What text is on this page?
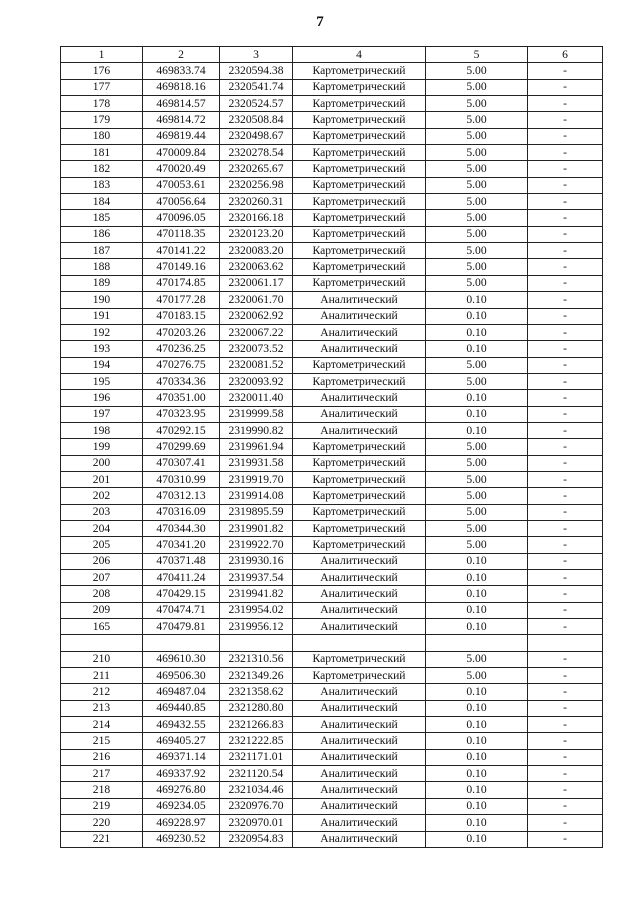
7
1	2	3	4	5	6
176	469833.74	2320594.38	Картометрический	5.00	-
177	469818.16	2320541.74	Картометрический	5.00	-
178	469814.57	2320524.57	Картометрический	5.00	-
179	469814.72	2320508.84	Картометрический	5.00	-
180	469819.44	2320498.67	Картометрический	5.00	-
181	470009.84	2320278.54	Картометрический	5.00	-
182	470020.49	2320265.67	Картометрический	5.00	-
183	470053.61	2320256.98	Картометрический	5.00	-
184	470056.64	2320260.31	Картометрический	5.00	-
185	470096.05	2320166.18	Картометрический	5.00	-
186	470118.35	2320123.20	Картометрический	5.00	-
187	470141.22	2320083.20	Картометрический	5.00	-
188	470149.16	2320063.62	Картометрический	5.00	-
189	470174.85	2320061.17	Картометрический	5.00	-
190	470177.28	2320061.70	Аналитический	0.10	-
191	470183.15	2320062.92	Аналитический	0.10	-
192	470203.26	2320067.22	Аналитический	0.10	-
193	470236.25	2320073.52	Аналитический	0.10	-
194	470276.75	2320081.52	Картометрический	5.00	-
195	470334.36	2320093.92	Картометрический	5.00	-
196	470351.00	2320011.40	Аналитический	0.10	-
197	470323.95	2319999.58	Аналитический	0.10	-
198	470292.15	2319990.82	Аналитический	0.10	-
199	470299.69	2319961.94	Картометрический	5.00	-
200	470307.41	2319931.58	Картометрический	5.00	-
201	470310.99	2319919.70	Картометрический	5.00	-
202	470312.13	2319914.08	Картометрический	5.00	-
203	470316.09	2319895.59	Картометрический	5.00	-
204	470344.30	2319901.82	Картометрический	5.00	-
205	470341.20	2319922.70	Картометрический	5.00	-
206	470371.48	2319930.16	Аналитический	0.10	-
207	470411.24	2319937.54	Аналитический	0.10	-
208	470429.15	2319941.82	Аналитический	0.10	-
209	470474.71	2319954.02	Аналитический	0.10	-
165	470479.81	2319956.12	Аналитический	0.10	-

210	469610.30	2321310.56	Картометрический	5.00	-
211	469506.30	2321349.26	Картометрический	5.00	-
212	469487.04	2321358.62	Аналитический	0.10	-
213	469440.85	2321280.80	Аналитический	0.10	-
214	469432.55	2321266.83	Аналитический	0.10	-
215	469405.27	2321222.85	Аналитический	0.10	-
216	469371.14	2321171.01	Аналитический	0.10	-
217	469337.92	2321120.54	Аналитический	0.10	-
218	469276.80	2321034.46	Аналитический	0.10	-
219	469234.05	2320976.70	Аналитический	0.10	-
220	469228.97	2320970.01	Аналитический	0.10	-
221	469230.52	2320954.83	Аналитический	0.10	-
